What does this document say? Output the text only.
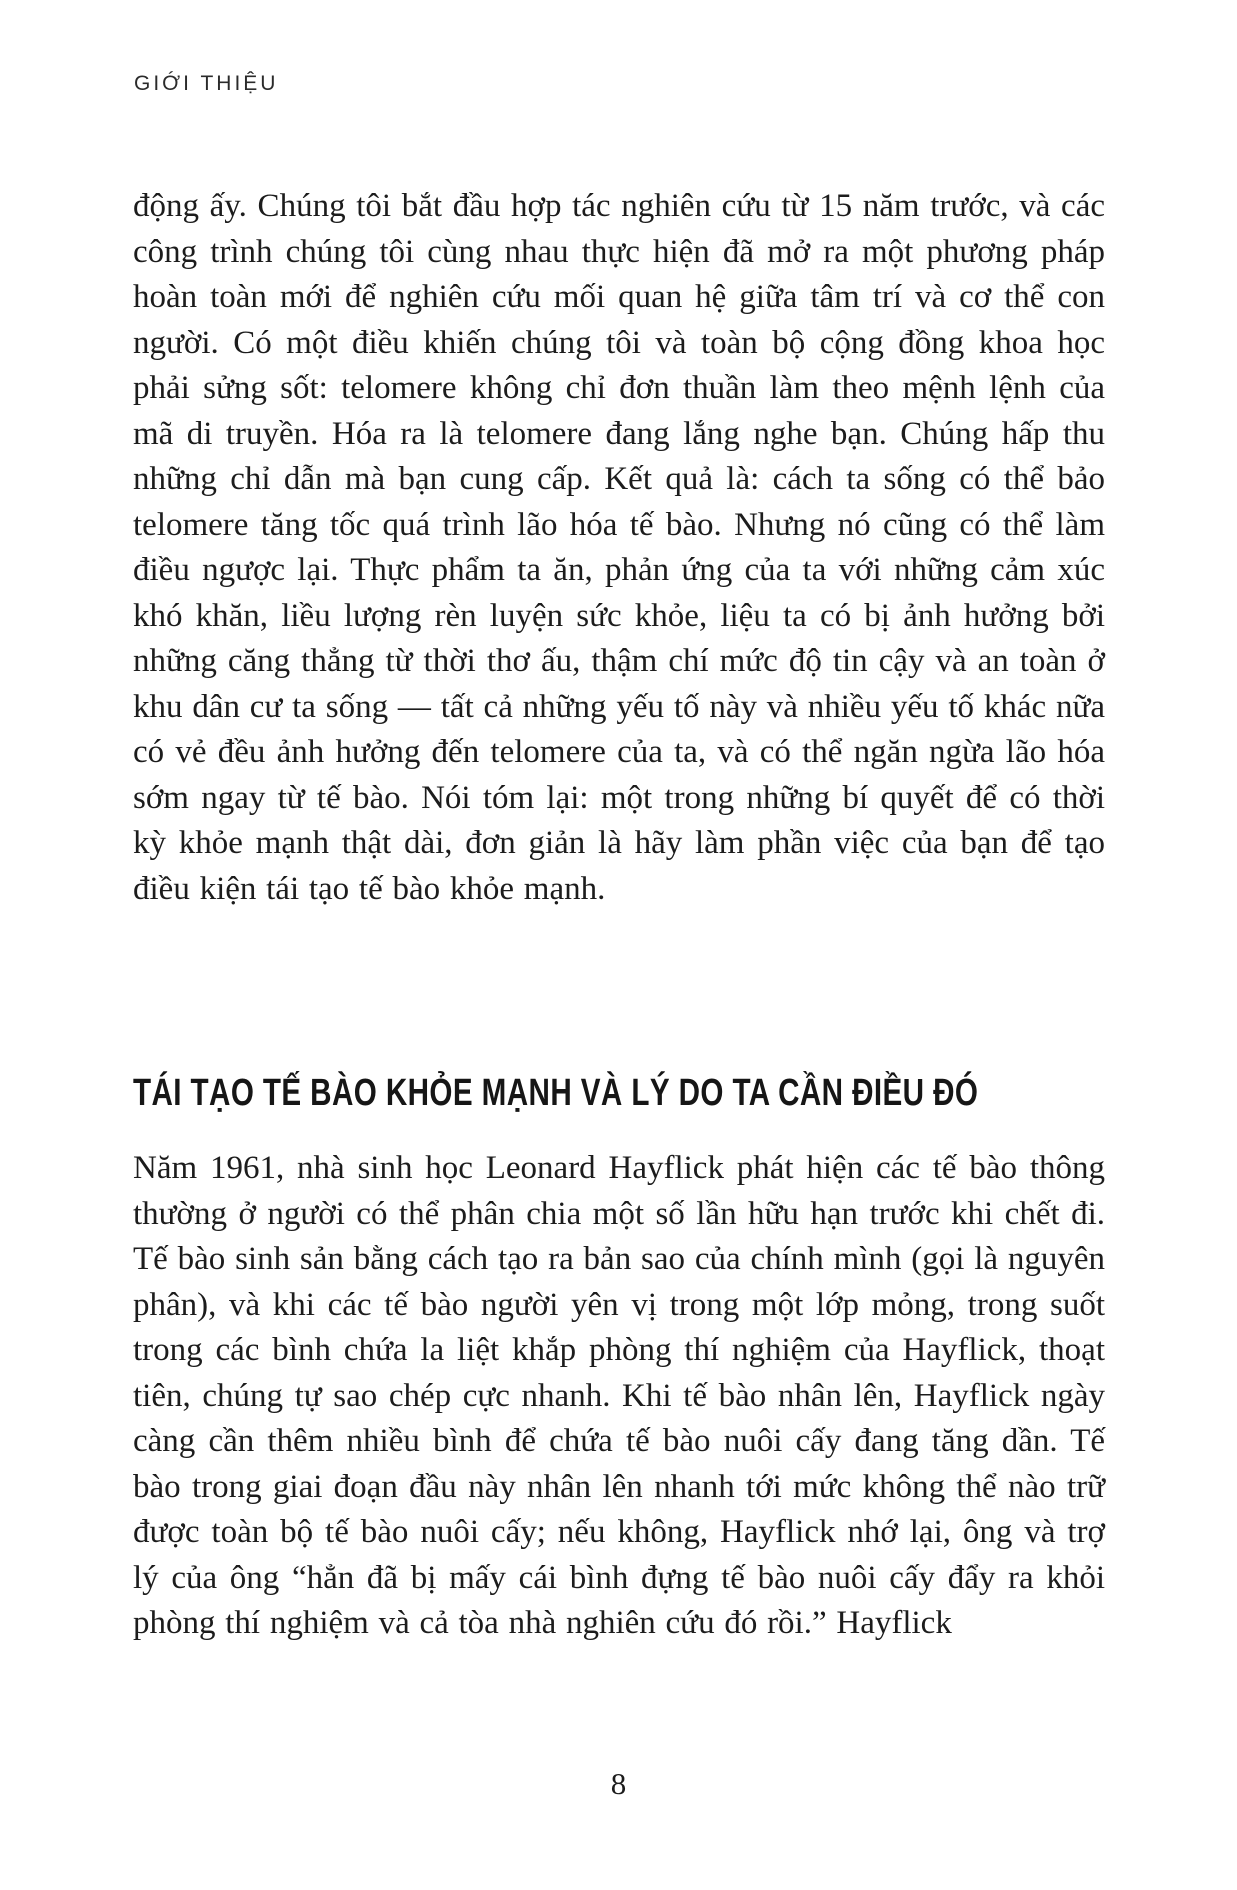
GIỚI THIỆU
động ấy. Chúng tôi bắt đầu hợp tác nghiên cứu từ 15 năm trước, và các công trình chúng tôi cùng nhau thực hiện đã mở ra một phương pháp hoàn toàn mới để nghiên cứu mối quan hệ giữa tâm trí và cơ thể con người. Có một điều khiến chúng tôi và toàn bộ cộng đồng khoa học phải sửng sốt: telomere không chỉ đơn thuần làm theo mệnh lệnh của mã di truyền. Hóa ra là telomere đang lắng nghe bạn. Chúng hấp thu những chỉ dẫn mà bạn cung cấp. Kết quả là: cách ta sống có thể bảo telomere tăng tốc quá trình lão hóa tế bào. Nhưng nó cũng có thể làm điều ngược lại. Thực phẩm ta ăn, phản ứng của ta với những cảm xúc khó khăn, liều lượng rèn luyện sức khỏe, liệu ta có bị ảnh hưởng bởi những căng thẳng từ thời thơ ấu, thậm chí mức độ tin cậy và an toàn ở khu dân cư ta sống — tất cả những yếu tố này và nhiều yếu tố khác nữa có vẻ đều ảnh hưởng đến telomere của ta, và có thể ngăn ngừa lão hóa sớm ngay từ tế bào. Nói tóm lại: một trong những bí quyết để có thời kỳ khỏe mạnh thật dài, đơn giản là hãy làm phần việc của bạn để tạo điều kiện tái tạo tế bào khỏe mạnh.
TÁI TẠO TẾ BÀO KHỎE MẠNH VÀ LÝ DO TA CẦN ĐIỀU ĐÓ
Năm 1961, nhà sinh học Leonard Hayflick phát hiện các tế bào thông thường ở người có thể phân chia một số lần hữu hạn trước khi chết đi. Tế bào sinh sản bằng cách tạo ra bản sao của chính mình (gọi là nguyên phân), và khi các tế bào người yên vị trong một lớp mỏng, trong suốt trong các bình chứa la liệt khắp phòng thí nghiệm của Hayflick, thoạt tiên, chúng tự sao chép cực nhanh. Khi tế bào nhân lên, Hayflick ngày càng cần thêm nhiều bình để chứa tế bào nuôi cấy đang tăng dần. Tế bào trong giai đoạn đầu này nhân lên nhanh tới mức không thể nào trữ được toàn bộ tế bào nuôi cấy; nếu không, Hayflick nhớ lại, ông và trợ lý của ông “hẳn đã bị mấy cái bình đựng tế bào nuôi cấy đẩy ra khỏi phòng thí nghiệm và cả tòa nhà nghiên cứu đó rồi.” Hayflick
8
